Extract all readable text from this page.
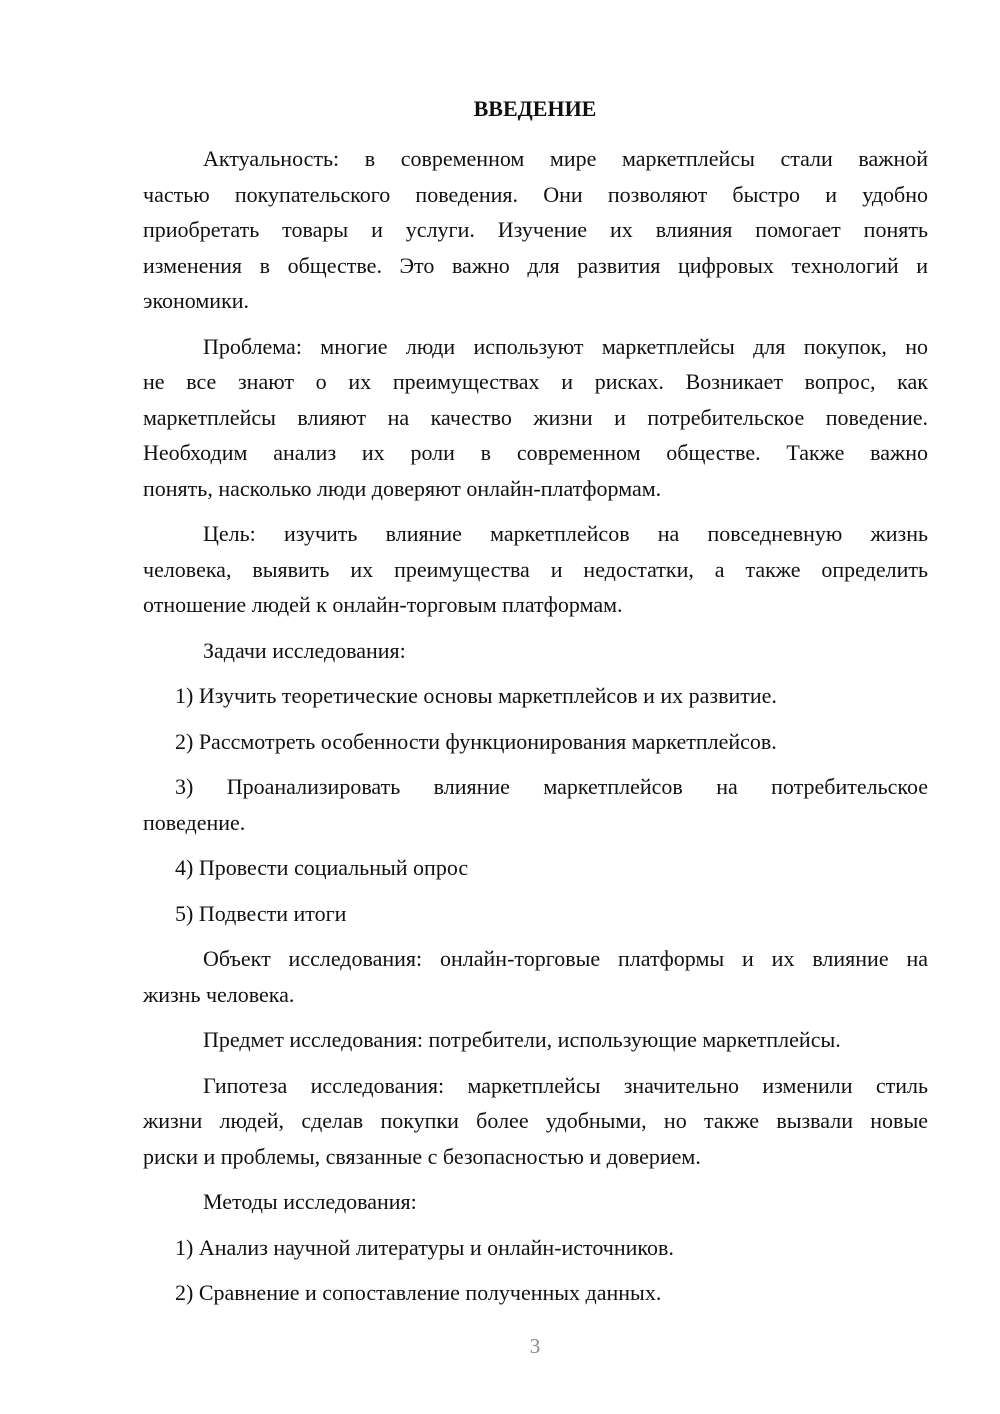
ВВЕДЕНИЕ
Актуальность: в современном мире маркетплейсы стали важной
частью покупательского поведения. Они позволяют быстро и удобно
приобретать товары и услуги. Изучение их влияния помогает понять
изменения в обществе. Это важно для развития цифровых технологий и
экономики.
Проблема: многие люди используют маркетплейсы для покупок, но
не все знают о их преимуществах и рисках. Возникает вопрос, как
маркетплейсы влияют на качество жизни и потребительское поведение.
Необходим анализ их роли в современном обществе. Также важно
понять, насколько люди доверяют онлайн-платформам.
Цель: изучить влияние маркетплейсов на повседневную жизнь
человека, выявить их преимущества и недостатки, а также определить
отношение людей к онлайн-торговым платформам.
Задачи исследования:
1) Изучить теоретические основы маркетплейсов и их развитие.
2) Рассмотреть особенности функционирования маркетплейсов.
3) Проанализировать влияние маркетплейсов на потребительское
поведение.
4) Провести социальный опрос
5) Подвести итоги
Объект исследования: онлайн-торговые платформы и их влияние на
жизнь человека.
Предмет исследования: потребители, использующие маркетплейсы.
Гипотеза исследования: маркетплейсы значительно изменили стиль
жизни людей, сделав покупки более удобными, но также вызвали новые
риски и проблемы, связанные с безопасностью и доверием.
Методы исследования:
1) Анализ научной литературы и онлайн-источников.
2) Сравнение и сопоставление полученных данных.
3
